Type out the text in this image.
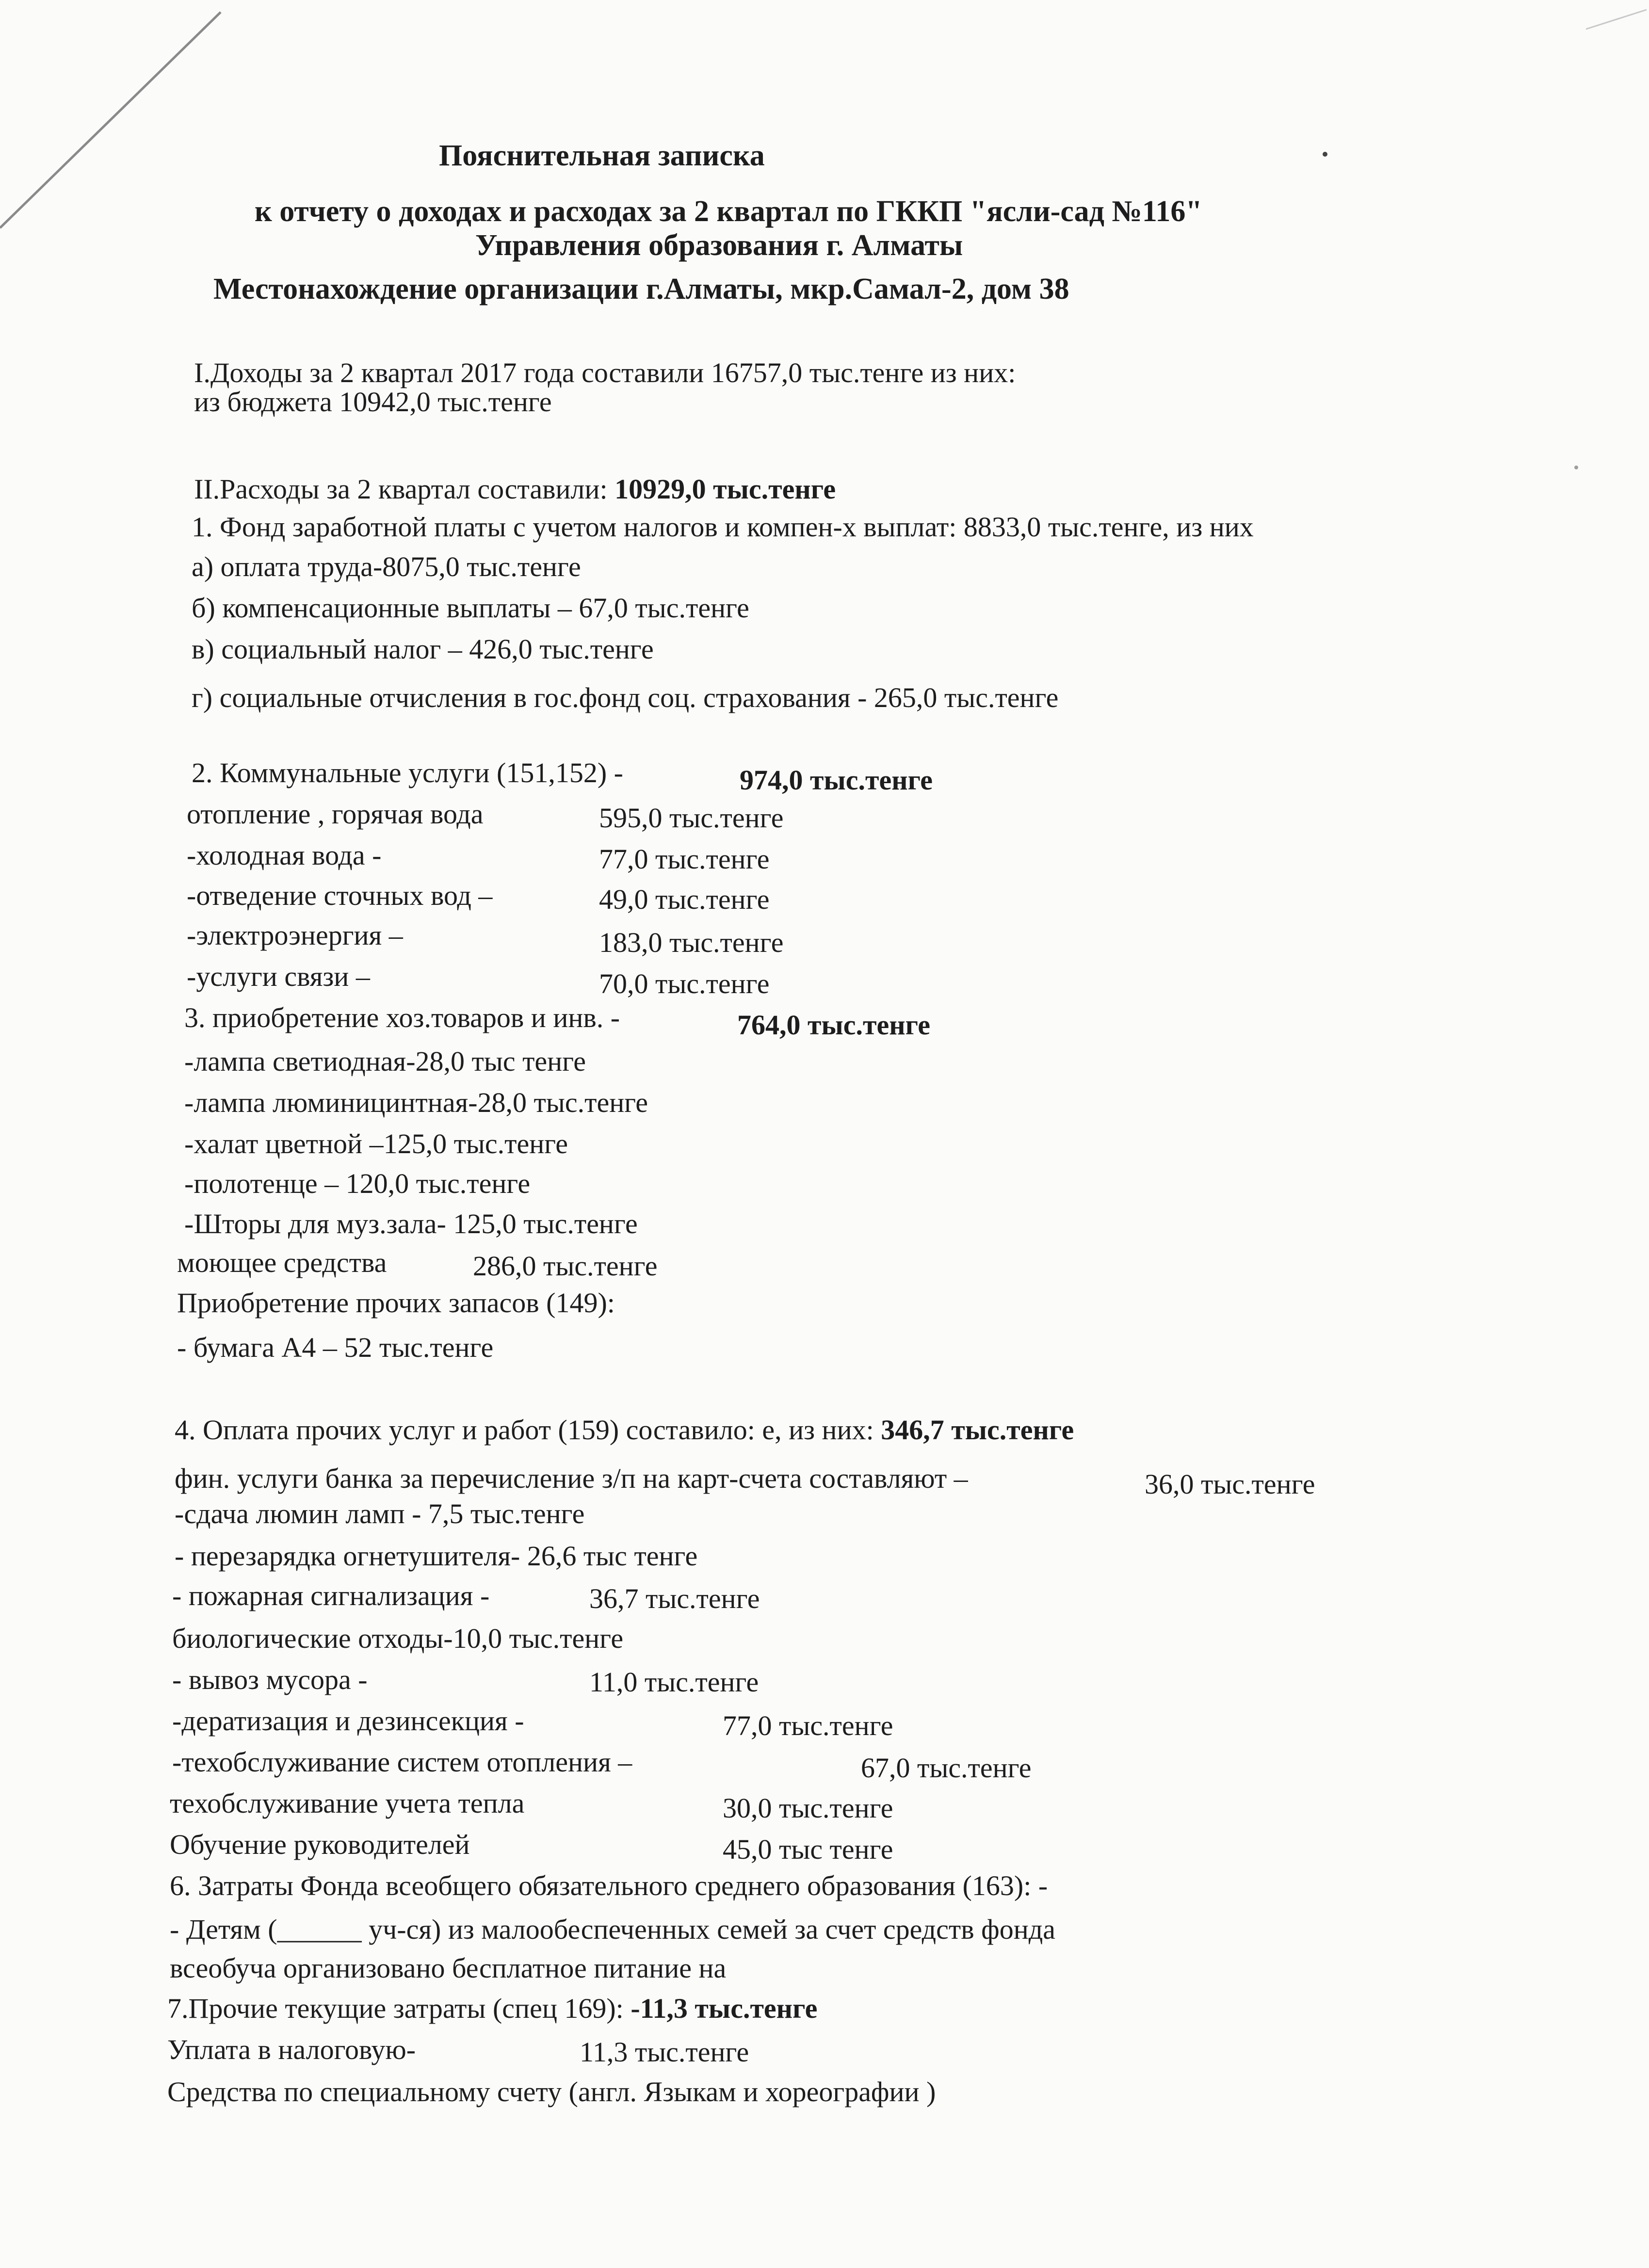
Пояснительная записка
к отчету о доходах и расходах за 2 квартал по ГККП "ясли-сад №116"
Управления образования г. Алматы
Местонахождение организации г.Алматы, мкр.Самал-2, дом 38
I.Доходы за 2 квартал 2017 года составили 16757,0 тыс.тенге из них:
из бюджета 10942,0 тыс.тенге
II.Расходы за 2 квартал составили: 10929,0 тыс.тенге
1. Фонд заработной платы с учетом налогов и компен-х выплат: 8833,0 тыс.тенге, из них
а) оплата труда-8075,0 тыс.тенге
б) компенсационные выплаты – 67,0 тыс.тенге
в) социальный налог – 426,0 тыс.тенге
г) социальные отчисления в гос.фонд соц. страхования - 265,0 тыс.тенге
2. Коммунальные услуги (151,152) -	974,0 тыс.тенге
отопление , горячая вода	595,0 тыс.тенге
-холодная вода -	77,0 тыс.тенге
-отведение сточных вод –	49,0 тыс.тенге
-электроэнергия –	183,0 тыс.тенге
-услуги связи –	70,0 тыс.тенге
3. приобретение хоз.товаров и инв. -	764,0 тыс.тенге
-лампа светиодная-28,0 тыс тенге
-лампа люминицинтная-28,0 тыс.тенге
-халат цветной –125,0 тыс.тенге
-полотенце – 120,0 тыс.тенге
-Шторы для муз.зала- 125,0 тыс.тенге
моющее средства	286,0 тыс.тенге
Приобретение прочих запасов (149):
- бумага А4 – 52 тыс.тенге
4. Оплата прочих услуг и работ (159) составило: е, из них: 346,7 тыс.тенге
фин. услуги банка за перечисление з/п на карт-счета составляют –	36,0 тыс.тенге
-сдача люмин ламп - 7,5 тыс.тенге
- перезарядка огнетушителя- 26,6 тыс тенге
- пожарная сигнализация -	36,7 тыс.тенге
биологические отходы-10,0 тыс.тенге
- вывоз мусора -	11,0 тыс.тенге
-дератизация и дезинсекция -	77,0 тыс.тенге
-техобслуживание систем отопления –	67,0 тыс.тенге
техобслуживание учета тепла	30,0 тыс.тенге
Обучение руководителей	45,0 тыс тенге
6. Затраты Фонда всеобщего обязательного среднего образования (163): -
- Детям (______ уч-ся) из малообеспеченных семей за счет средств фонда
всеобуча организовано бесплатное питание на
7.Прочие текущие затраты (спец 169): -11,3 тыс.тенге
Уплата в налоговую-	11,3 тыс.тенге
Средства по специальному счету (англ. Языкам и хореографии )
